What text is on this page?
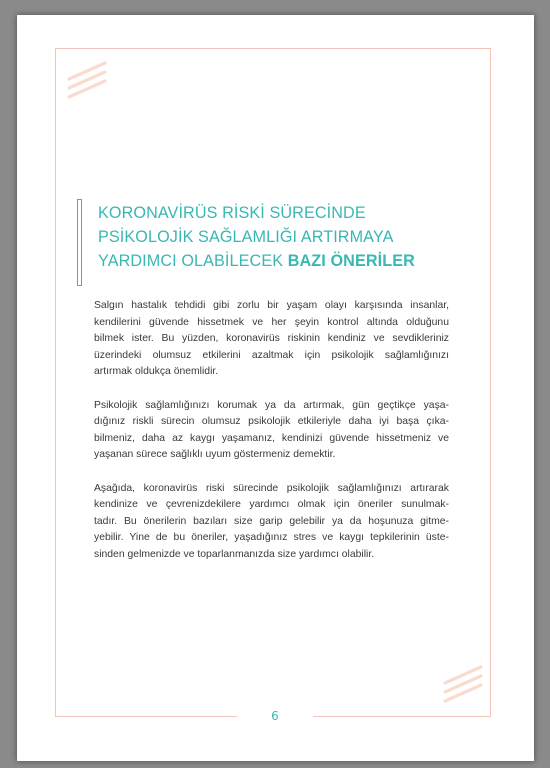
KORONAVİRÜS RİSKİ SÜRECİNDE
PSİKOLOJİK SAĞLAMLIĞI ARTIRMAYA
YARDIMCI OLABİLECEK BAZI ÖNERİLER

Salgın hastalık tehdidi gibi zorlu bir yaşam olayı karşısında insanlar,
kendilerini güvende hissetmek ve her şeyin kontrol altında olduğunu
bilmek ister. Bu yüzden, koronavirüs riskinin kendiniz ve sevdikleriniz
üzerindeki olumsuz etkilerini azaltmak için psikolojik sağlamlığınızı
artırmak oldukça önemlidir.

Psikolojik sağlamlığınızı korumak ya da artırmak, gün geçtikçe yaşa-
dığınız riskli sürecin olumsuz psikolojik etkileriyle daha iyi başa çıka-
bilmeniz, daha az kaygı yaşamanız, kendinizi güvende hissetmeniz ve
yaşanan sürece sağlıklı uyum göstermeniz demektir.

Aşağıda, koronavirüs riski sürecinde psikolojik sağlamlığınızı artırarak
kendinize ve çevrenizdekilere yardımcı olmak için öneriler sunulmak-
tadır. Bu önerilerin bazıları size garip gelebilir ya da hoşunuza gitme-
yebilir. Yine de bu öneriler, yaşadığınız stres ve kaygı tepkilerinin üste-
sinden gelmenizde ve toparlanmanızda size yardımcı olabilir.

6
